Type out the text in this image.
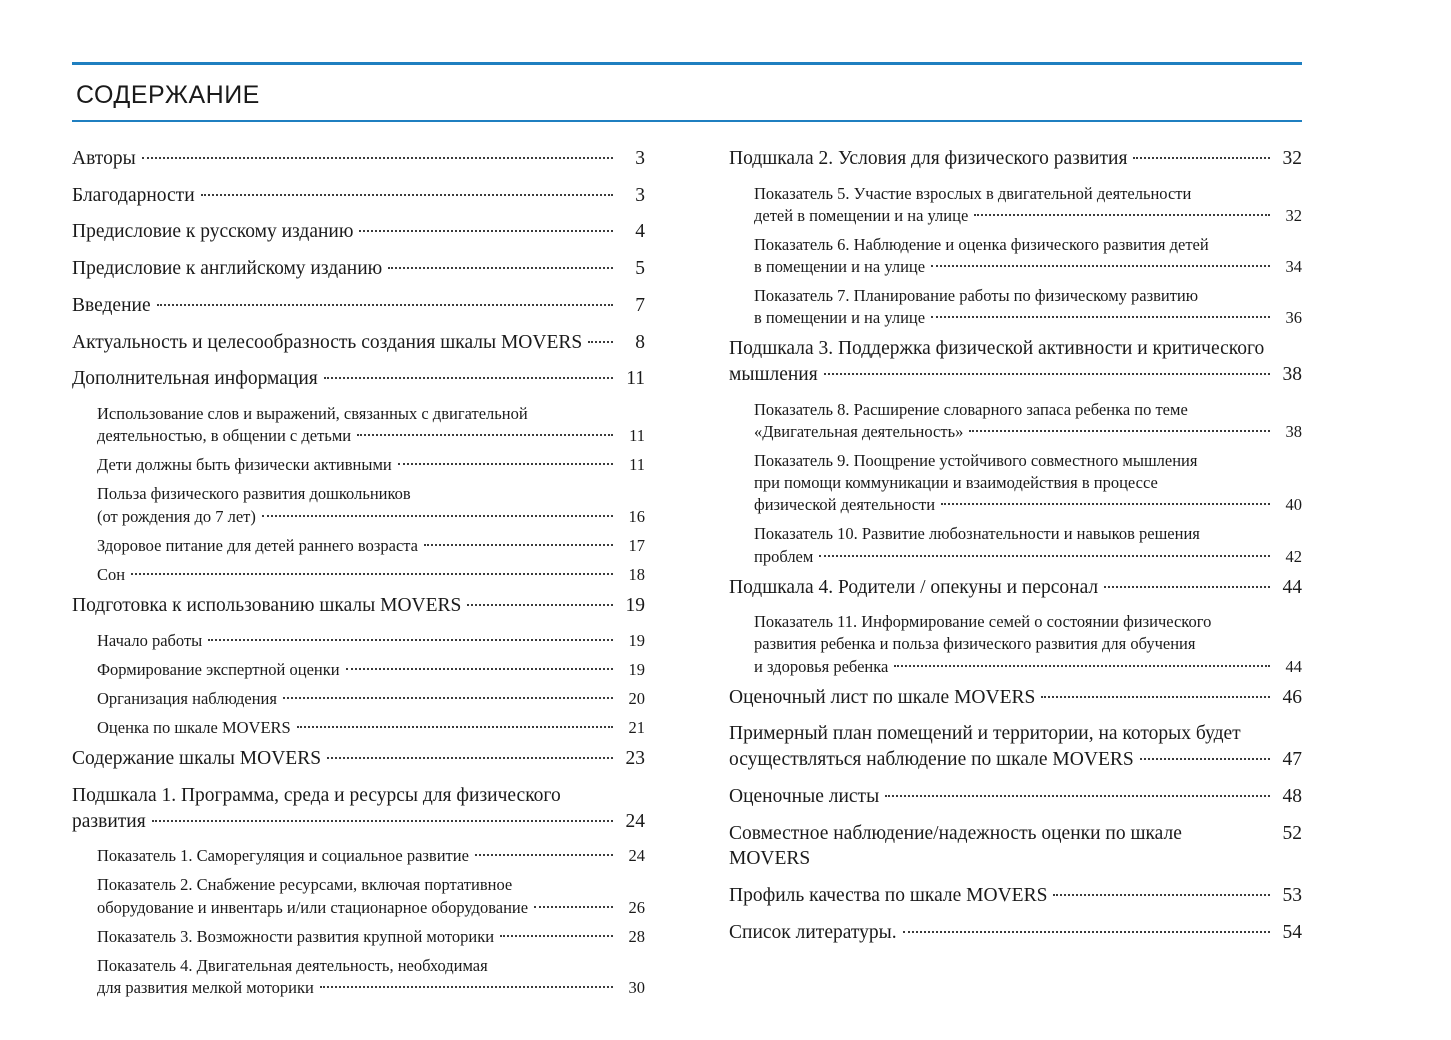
СОДЕРЖАНИЕ
Авторы	3
Благодарности	3
Предисловие к русскому изданию	4
Предисловие к английскому изданию	5
Введение	7
Актуальность и целесообразность создания шкалы MOVERS	8
Дополнительная информация	11
Использование слов и выражений, связанных с двигательной
деятельностью, в общении с детьми	11
Дети должны быть физически активными	11
Польза физического развития дошкольников
(от рождения до 7 лет)	16
Здоровое питание для детей раннего возраста	17
Сон	18
Подготовка к использованию шкалы MOVERS	19
Начало работы	19
Формирование экспертной оценки	19
Организация наблюдения	20
Оценка по шкале MOVERS	21
Содержание шкалы MOVERS	23
Подшкала 1. Программа, среда и ресурсы для физического
развития	24
Показатель 1. Саморегуляция и социальное развитие	24
Показатель 2. Снабжение ресурсами, включая портативное
оборудование и инвентарь и/или стационарное оборудование	26
Показатель 3. Возможности развития крупной моторики	28
Показатель 4. Двигательная деятельность, необходимая
для развития мелкой моторики	30
Подшкала 2. Условия для физического развития	32
Показатель 5. Участие взрослых в двигательной деятельности
детей в помещении и на улице	32
Показатель 6. Наблюдение и оценка физического развития детей
в помещении и на улице	34
Показатель 7. Планирование работы по физическому развитию
в помещении и на улице	36
Подшкала 3. Поддержка физической активности и критического
мышления	38
Показатель 8. Расширение словарного запаса ребенка по теме
«Двигательная деятельность»	38
Показатель 9. Поощрение устойчивого совместного мышления
при помощи коммуникации и взаимодействия в процессе
физической деятельности	40
Показатель 10. Развитие любознательности и навыков решения
проблем	42
Подшкала 4. Родители / опекуны и персонал	44
Показатель 11. Информирование семей о состоянии физического
развития ребенка и польза физического развития для обучения
и здоровья ребенка	44
Оценочный лист по шкале MOVERS	46
Примерный план помещений и территории, на которых будет
осуществляться наблюдение по шкале MOVERS	47
Оценочные листы	48
Совместное наблюдение/надежность оценки по шкале MOVERS
52
Профиль качества по шкале MOVERS	53
Список литературы.	54
